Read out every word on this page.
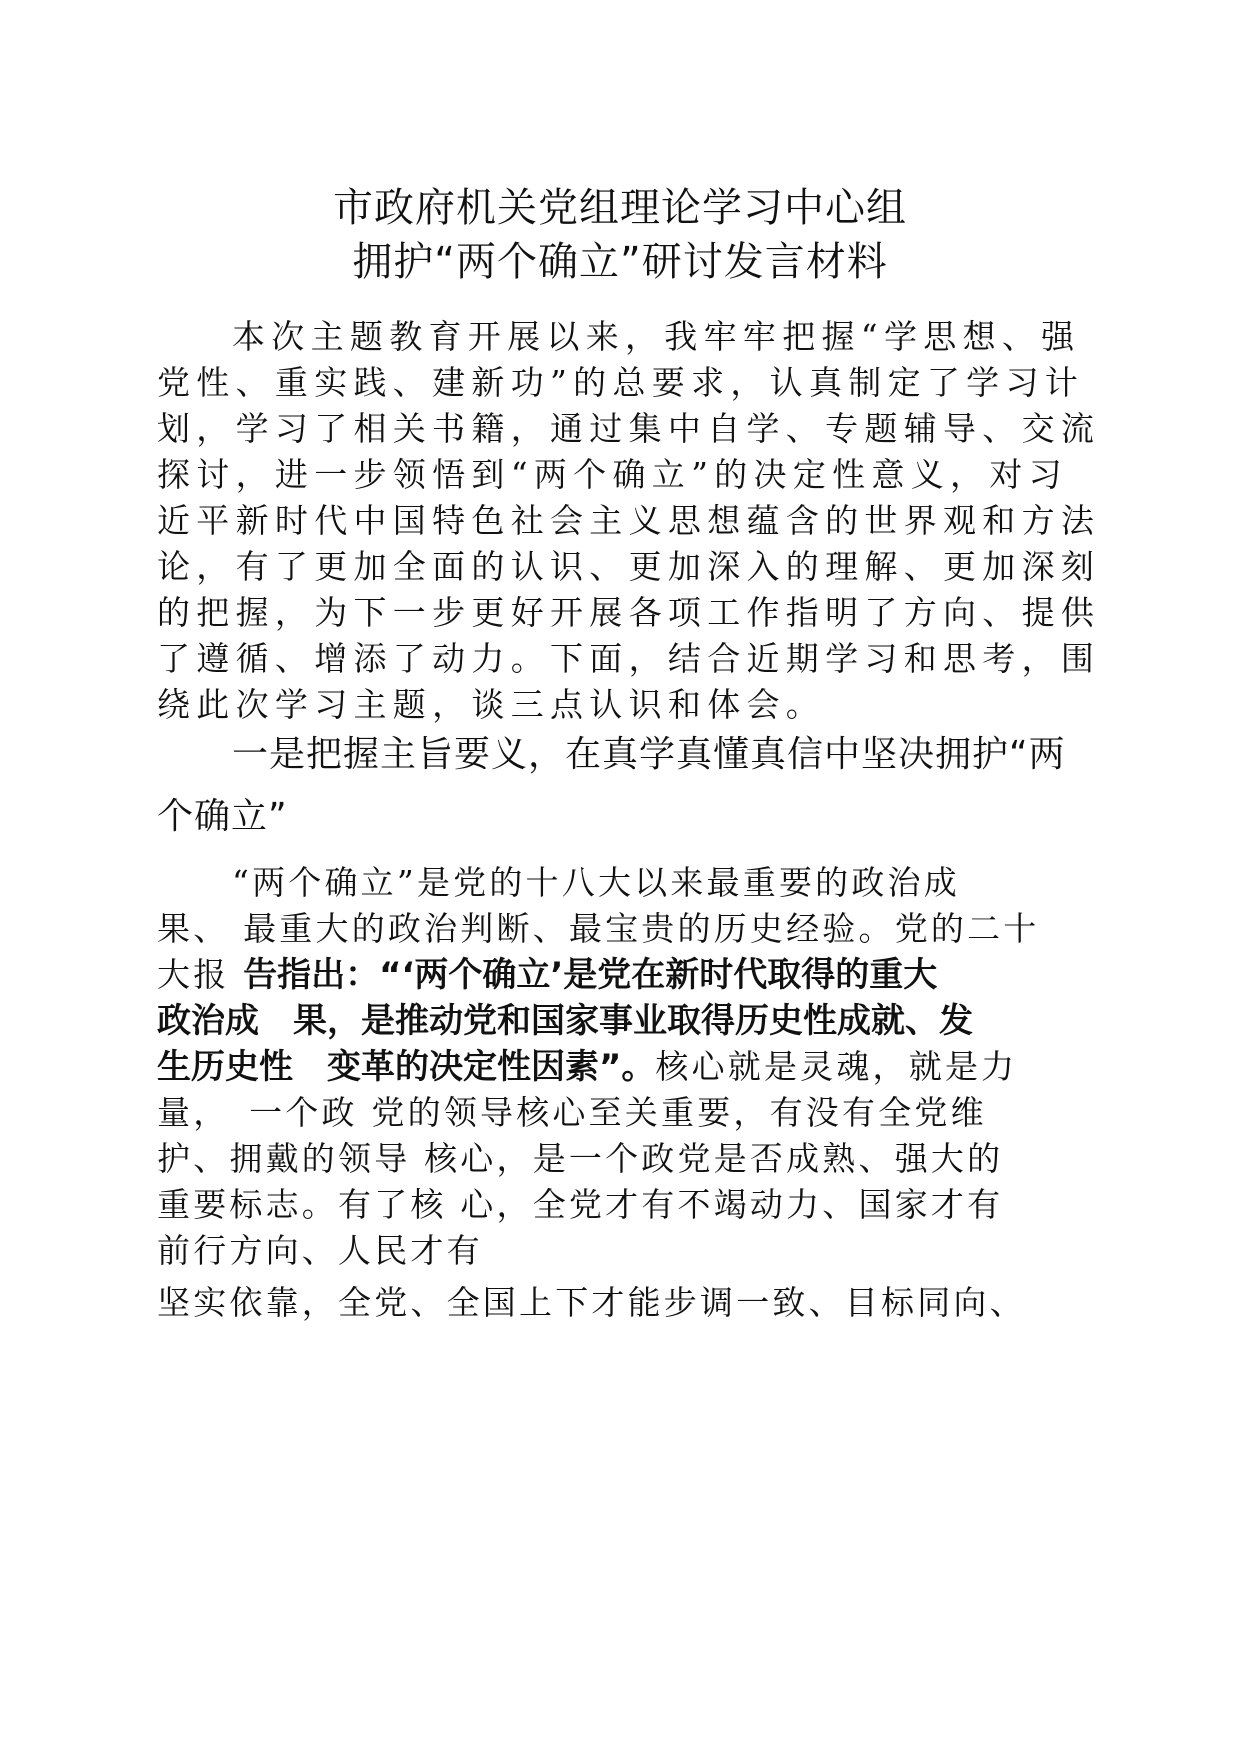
市政府机关党组理论学习中心组
拥护“两个确立”研讨发言材料
本次主题教育开展以来，我牢牢把握“学思想、强
党性、重实践、建新功”的总要求，认真制定了学习计
划，学习了相关书籍，通过集中自学、专题辅导、交流
探讨，进一步领悟到“两个确立”的决定性意义，对习
近平新时代中国特色社会主义思想蕴含的世界观和方法
论，有了更加全面的认识、更加深入的理解、更加深刻
的把握，为下一步更好开展各项工作指明了方向、提供
了遵循、增添了动力。下面，结合近期学习和思考，围
绕此次学习主题，谈三点认识和体会。
一是把握主旨要义，在真学真懂真信中坚决拥护“两
个确立”
“两个确立”是党的十八大以来最重要的政治成
果、 最重大的政治判断、最宝贵的历史经验。党的二十
大报 告指出：“‘两个确立’是党在新时代取得的重大
政治成　果，是推动党和国家事业取得历史性成就、发
生历史性　变革的决定性因素”。核心就是灵魂，就是力
量，　一个政 党的领导核心至关重要，有没有全党维
护、拥戴的领导 核心，是一个政党是否成熟、强大的
重要标志。有了核 心，全党才有不竭动力、国家才有
前行方向、人民才有
坚实依靠，全党、全国上下才能步调一致、目标同向、
